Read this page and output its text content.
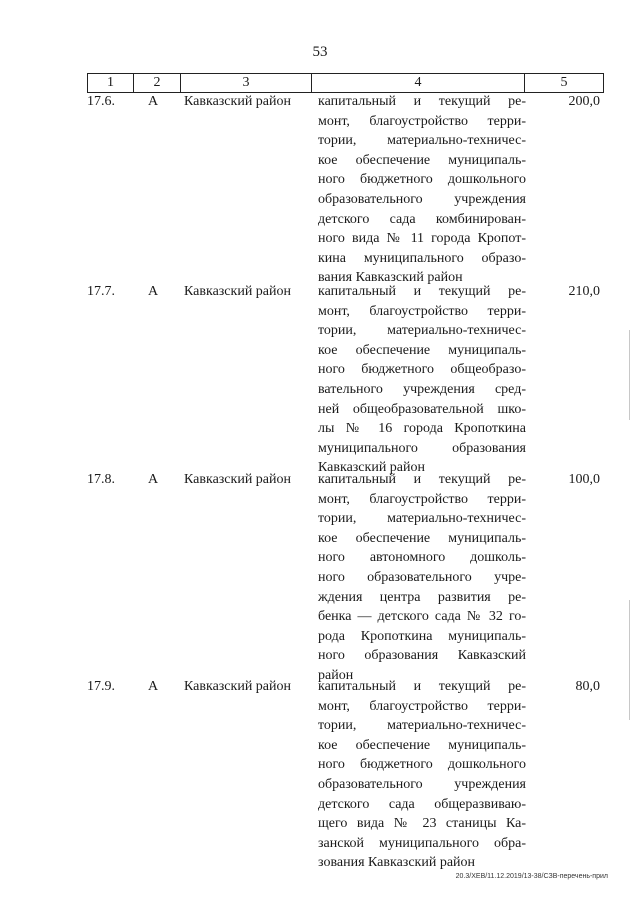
53
1	2	3	4	5
17.6.	А	Кавказский район	капитальный и текущий ре-
монт, благоустройство терри-
тории, материально-техничес-
кое обеспечение муниципаль-
ного бюджетного дошкольного
образовательного учреждения
детского сада комбинирован-
ного вида № 11 города Кропот-
кина муниципального образо-
вания Кавказский район
200,0
17.7.	А	Кавказский район	капитальный и текущий ре-
монт, благоустройство терри-
тории, материально-техничес-
кое обеспечение муниципаль-
ного бюджетного общеобразо-
вательного учреждения сред-
ней общеобразовательной шко-
лы № 16 города Кропоткина
муниципального образования
Кавказский район
210,0
17.8.	А	Кавказский район	капитальный и текущий ре-
монт, благоустройство терри-
тории, материально-техничес-
кое обеспечение муниципаль-
ного автономного дошколь-
ного образовательного учре-
ждения центра развития ре-
бенка — детского сада № 32 го-
рода Кропоткина муниципаль-
ного образования Кавказский
район
100,0
17.9.	А	Кавказский район	капитальный и текущий ре-
монт, благоустройство терри-
тории, материально-техничес-
кое обеспечение муниципаль-
ного бюджетного дошкольного
образовательного учреждения
детского сада общеразвиваю-
щего вида № 23 станицы Ка-
занской муниципального обра-
зования Кавказский район
80,0
20.3/ХЕВ/11.12.2019/13-38/СЗВ-перечень-прил
